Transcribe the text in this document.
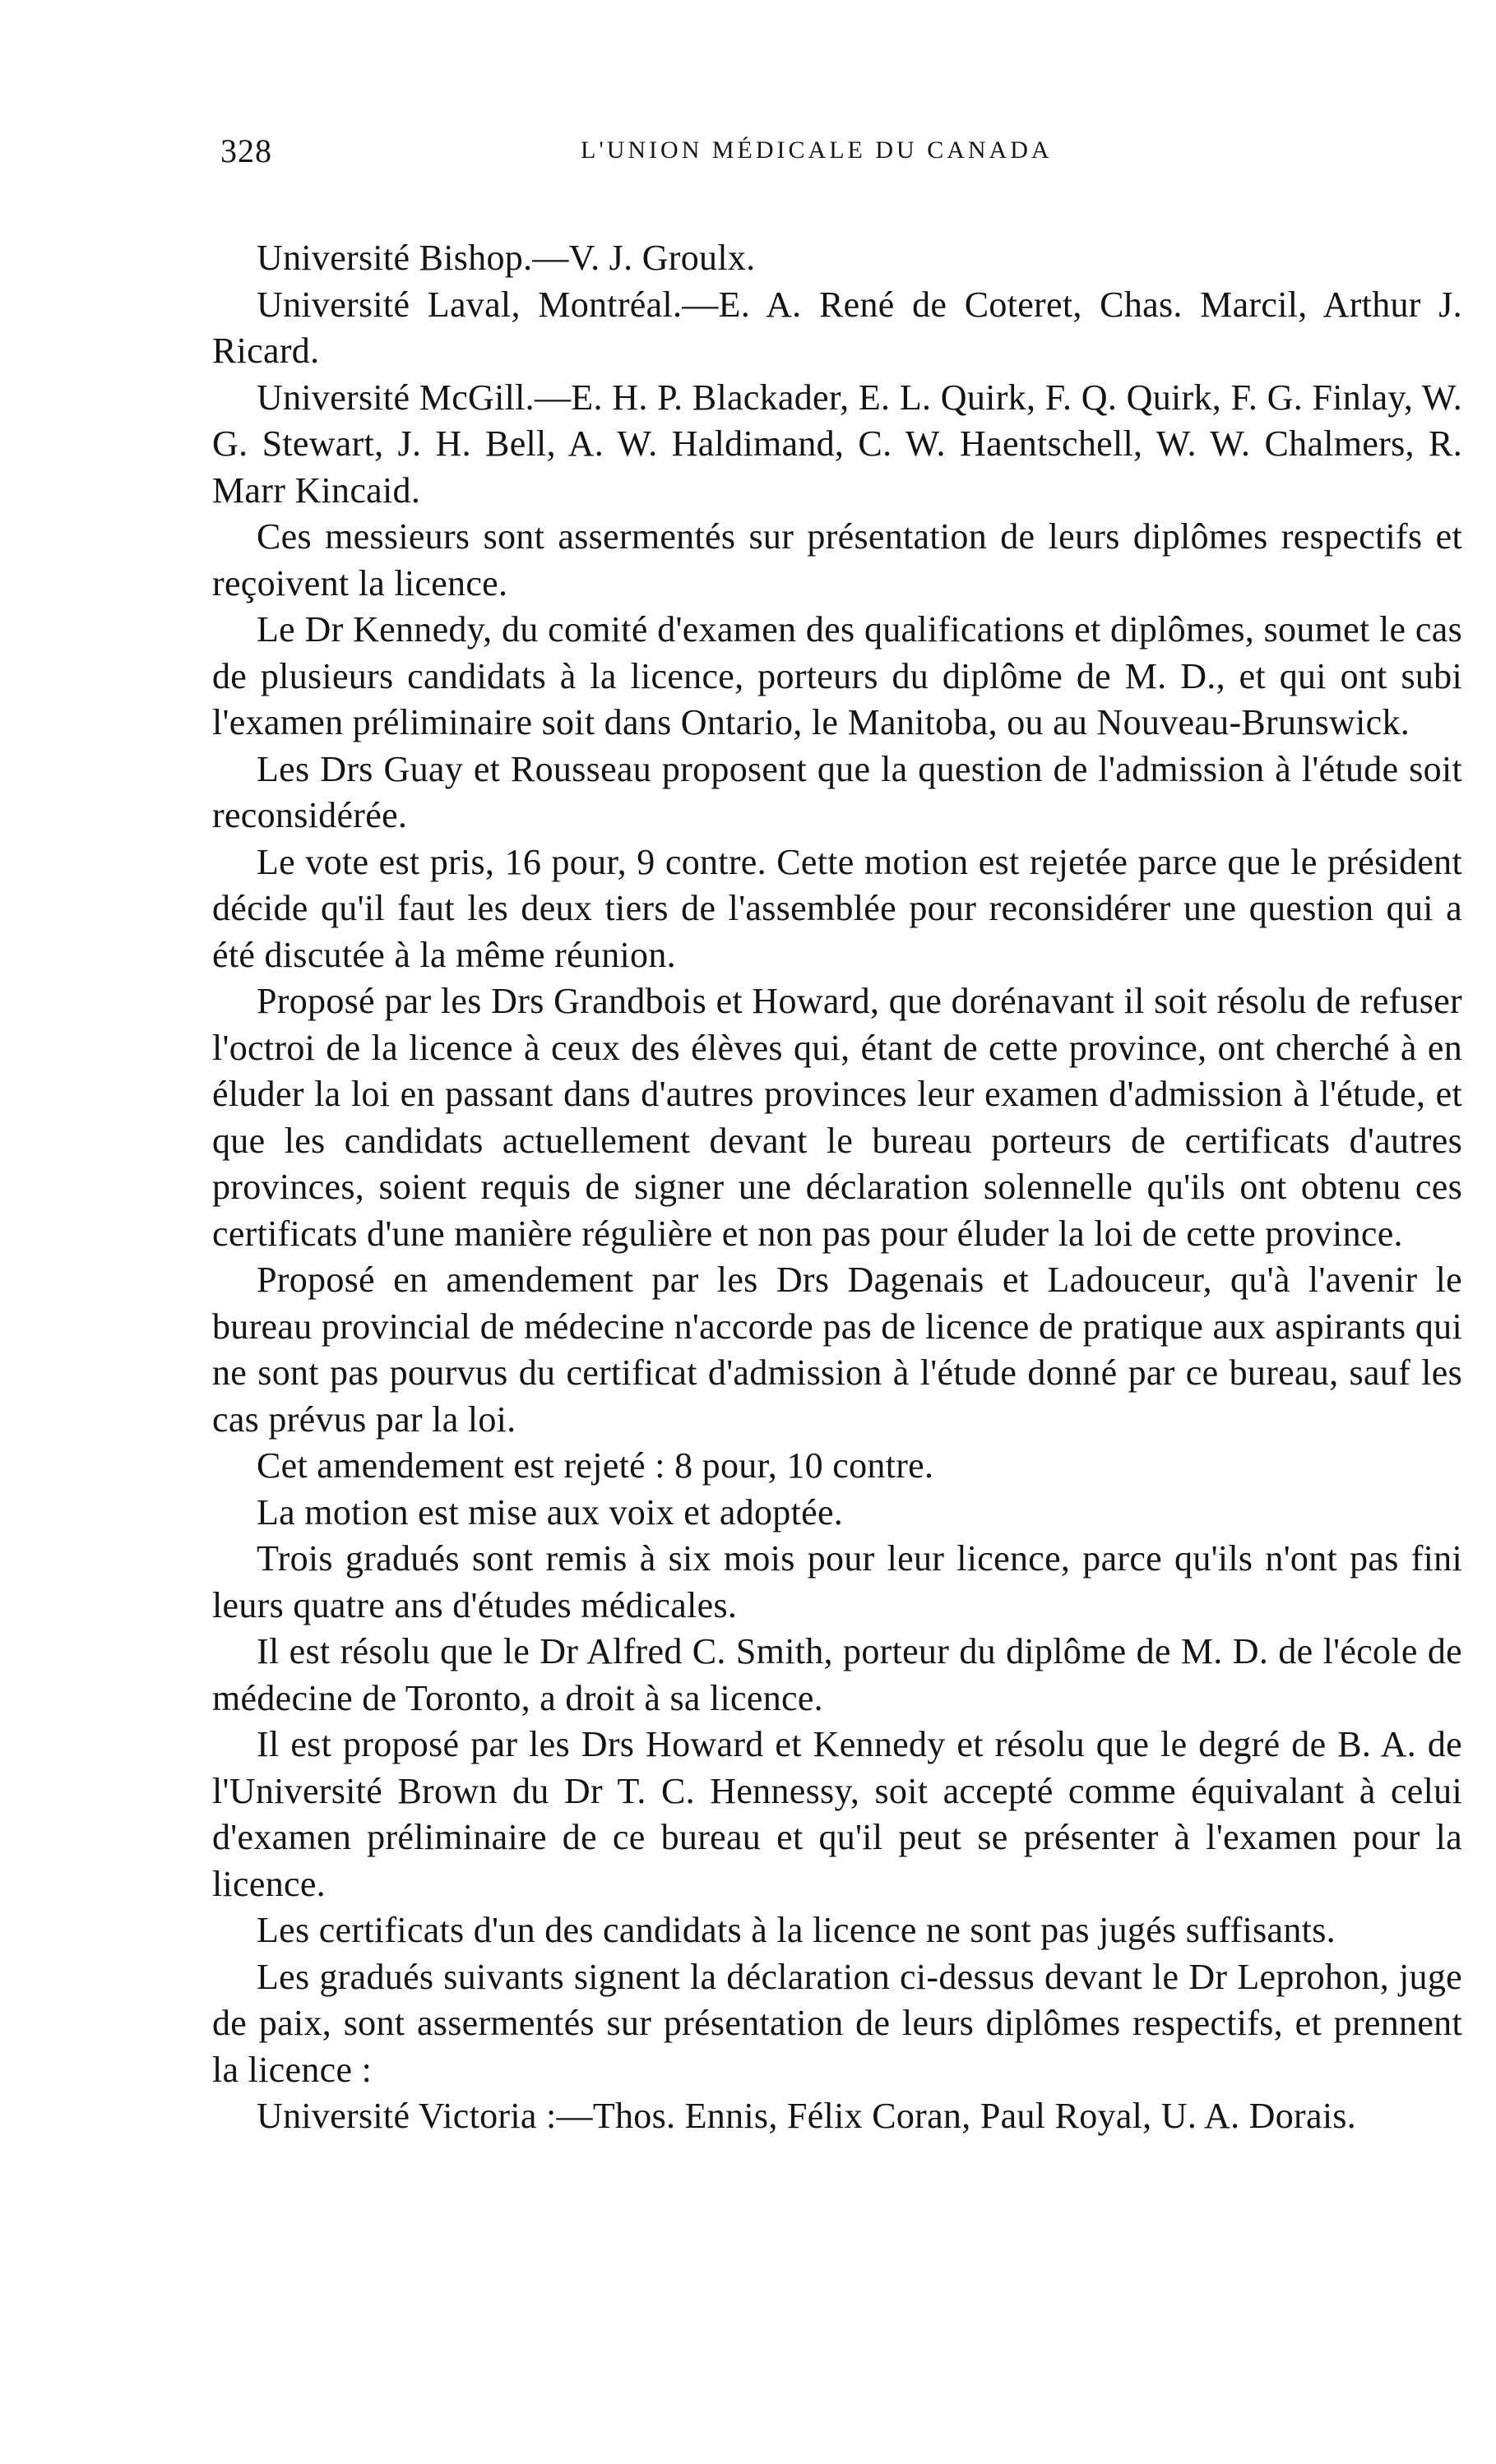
328	L'UNION MÉDICALE DU CANADA

Université Bishop.—V. J. Groulx.

Université Laval, Montréal.—E. A. René de Coteret, Chas. Marcil, Arthur J. Ricard.

Université McGill.—E. H. P. Blackader, E. L. Quirk, F. Q. Quirk, F. G. Finlay, W. G. Stewart, J. H. Bell, A. W. Haldimand, C. W. Haentschell, W. W. Chalmers, R. Marr Kincaid.

Ces messieurs sont assermentés sur présentation de leurs diplômes respectifs et reçoivent la licence.

Le Dr Kennedy, du comité d'examen des qualifications et diplômes, soumet le cas de plusieurs candidats à la licence, porteurs du diplôme de M. D., et qui ont subi l'examen préliminaire soit dans Ontario, le Manitoba, ou au Nouveau-Brunswick.

Les Drs Guay et Rousseau proposent que la question de l'admission à l'étude soit reconsidérée.

Le vote est pris, 16 pour, 9 contre. Cette motion est rejetée parce que le président décide qu'il faut les deux tiers de l'assemblée pour reconsidérer une question qui a été discutée à la même réunion.

Proposé par les Drs Grandbois et Howard, que dorénavant il soit résolu de refuser l'octroi de la licence à ceux des élèves qui, étant de cette province, ont cherché à en éluder la loi en passant dans d'autres provinces leur examen d'admission à l'étude, et que les candidats actuellement devant le bureau porteurs de certificats d'autres provinces, soient requis de signer une déclaration solennelle qu'ils ont obtenu ces certificats d'une manière régulière et non pas pour éluder la loi de cette province.

Proposé en amendement par les Drs Dagenais et Ladouceur, qu'à l'avenir le bureau provincial de médecine n'accorde pas de licence de pratique aux aspirants qui ne sont pas pourvus du certificat d'admission à l'étude donné par ce bureau, sauf les cas prévus par la loi.

Cet amendement est rejeté : 8 pour, 10 contre.

La motion est mise aux voix et adoptée.

Trois gradués sont remis à six mois pour leur licence, parce qu'ils n'ont pas fini leurs quatre ans d'études médicales.

Il est résolu que le Dr Alfred C. Smith, porteur du diplôme de M. D. de l'école de médecine de Toronto, a droit à sa licence.

Il est proposé par les Drs Howard et Kennedy et résolu que le degré de B. A. de l'Université Brown du Dr T. C. Hennessy, soit accepté comme équivalant à celui d'examen préliminaire de ce bureau et qu'il peut se présenter à l'examen pour la licence.

Les certificats d'un des candidats à la licence ne sont pas jugés suffisants.

Les gradués suivants signent la déclaration ci-dessus devant le Dr Leprohon, juge de paix, sont assermentés sur présentation de leurs diplômes respectifs, et prennent la licence :

Université Victoria :—Thos. Ennis, Félix Coran, Paul Royal, U. A. Dorais.
